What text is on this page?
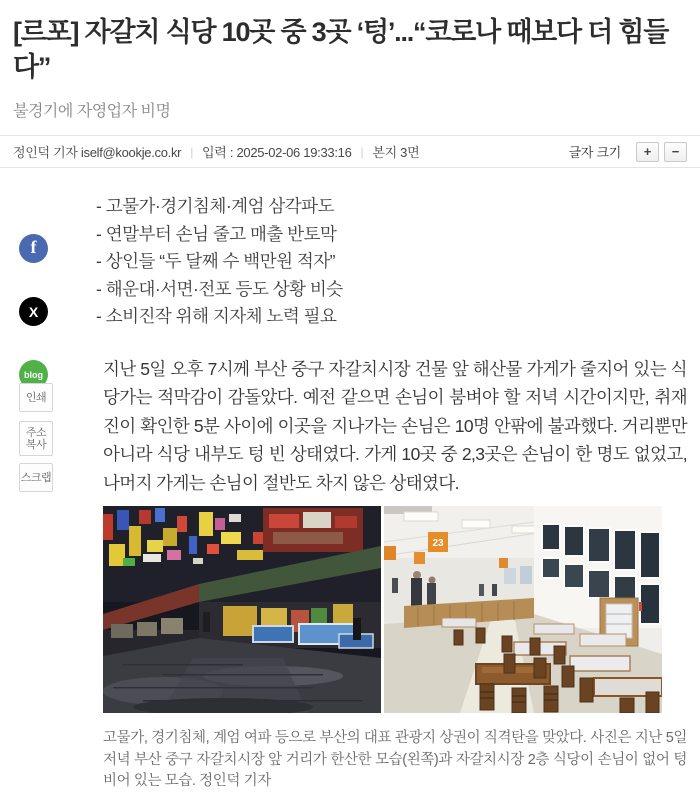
[르포] 자갈치 식당 10곳 중 3곳 ‘텅’...“코로나 때보다 더 힘들다”

불경기에 자영업자 비명

정인덕 기자 iself@kookje.co.kr | 입력 : 2025-02-06 19:33:16 | 본지 3면	글자 크기	+	−
f
X
blog
인쇄
주소
복사
스크랩
- 고물가·경기침체·계엄 삼각파도
- 연말부터 손님 줄고 매출 반토막
- 상인들 “두 달째 수 백만원 적자”
- 해운대·서면·전포 등도 상황 비슷
- 소비진작 위해 지자체 노력 필요

지난 5일 오후 7시께 부산 중구 자갈치시장 건물 앞 해산물 가게가 줄지어 있는 식당가는 적막감이 감돌았다. 예전 같으면 손님이 붐벼야 할 저녁 시간이지만, 취재진이 확인한 5분 사이에 이곳을 지나가는 손님은 10명 안팎에 불과했다. 거리뿐만 아니라 식당 내부도 텅 빈 상태였다. 가게 10곳 중 2,3곳은 손님이 한 명도 없었고, 나머지 가게는 손님이 절반도 차지 않은 상태였다.

23

고물가, 경기침체, 계엄 여파 등으로 부산의 대표 관광지 상권이 직격탄을 맞았다. 사진은 지난 5일 저녁 부산 중구 자갈치시장 앞 거리가 한산한 모습(왼쪽)과 자갈치시장 2층 식당이 손님이 없어 텅 비어 있는 모습. 정인덕 기자
